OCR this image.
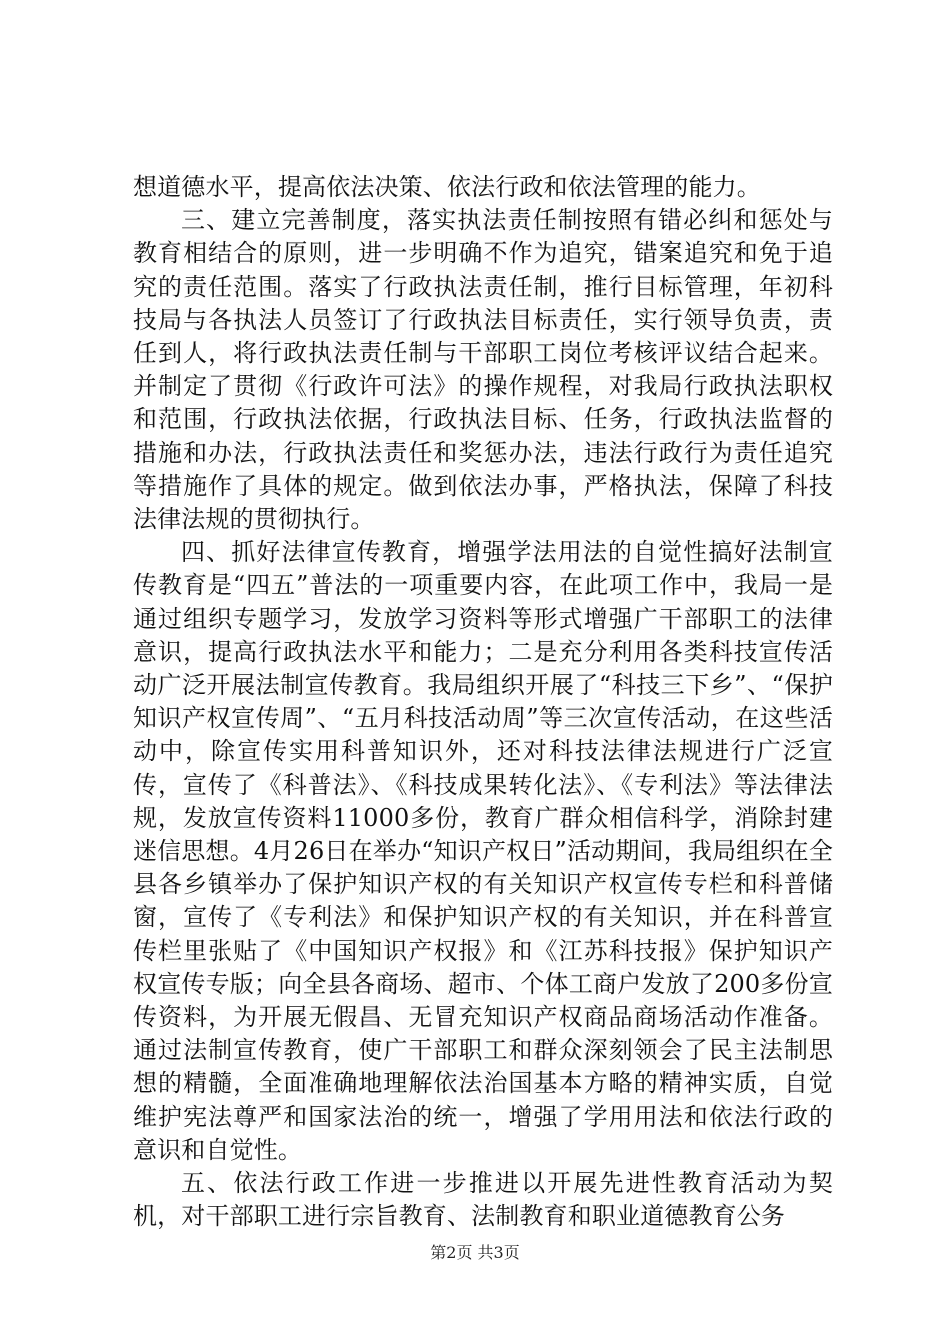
想道德水平，提高依法决策、依法行政和依法管理的能力。

三、建立完善制度，落实执法责任制按照有错必纠和惩处与教育相结合的原则，进一步明确不作为追究，错案追究和免于追究的责任范围。落实了行政执法责任制，推行目标管理，年初科技局与各执法人员签订了行政执法目标责任，实行领导负责，责任到人，将行政执法责任制与干部职工岗位考核评议结合起来。并制定了贯彻《行政许可法》的操作规程，对我局行政执法职权和范围，行政执法依据，行政执法目标、任务，行政执法监督的措施和办法，行政执法责任和奖惩办法，违法行政行为责任追究等措施作了具体的规定。做到依法办事，严格执法，保障了科技法律法规的贯彻执行。

四、抓好法律宣传教育，增强学法用法的自觉性搞好法制宣传教育是“四五”普法的一项重要内容，在此项工作中，我局一是通过组织专题学习，发放学习资料等形式增强广干部职工的法律意识，提高行政执法水平和能力；二是充分利用各类科技宣传活动广泛开展法制宣传教育。我局组织开展了“科技三下乡”、“保护知识产权宣传周”、“五月科技活动周”等三次宣传活动，在这些活动中，除宣传实用科普知识外，还对科技法律法规进行广泛宣传，宣传了《科普法》、《科技成果转化法》、《专利法》等法律法规，发放宣传资料11000多份，教育广群众相信科学，消除封建迷信思想。4月26日在举办“知识产权日”活动期间，我局组织在全县各乡镇举办了保护知识产权的有关知识产权宣传专栏和科普储窗，宣传了《专利法》和保护知识产权的有关知识，并在科普宣传栏里张贴了《中国知识产权报》和《江苏科技报》保护知识产权宣传专版；向全县各商场、超市、个体工商户发放了200多份宣传资料，为开展无假昌、无冒充知识产权商品商场活动作准备。通过法制宣传教育，使广干部职工和群众深刻领会了民主法制思想的精髓，全面准确地理解依法治国基本方略的精神实质，自觉维护宪法尊严和国家法治的统一，增强了学用用法和依法行政的意识和自觉性。

五、依法行政工作进一步推进以开展先进性教育活动为契机，对干部职工进行宗旨教育、法制教育和职业道德教育公务

第2页 共3页
